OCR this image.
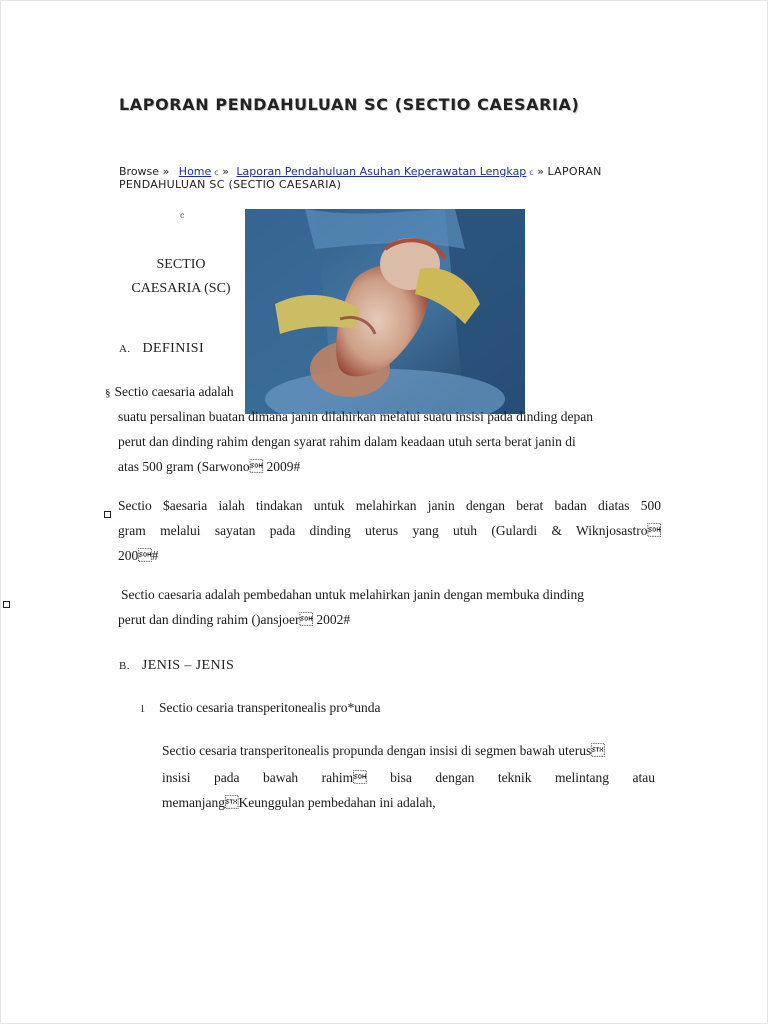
LAPORAN PENDAHULUAN SC (SECTIO CAESARIA)
Browse » Home c » Laporan Pendahuluan Asuhan Keperawatan Lengkap c » LAPORAN PENDAHULUAN SC (SECTIO CAESARIA)
c
SECTIO
CAESARIA (SC)
A. DEFINISI
§ Sectio caesaria adalah
suatu persalinan buatan dimana janin dilahirkan melalui suatu insisi pada dinding depan
perut dan dinding rahim dengan syarat rahim dalam keadaan utuh serta berat janin di
atas 500 gram (Sarwono 2009#
Sectio $aesaria ialah tindakan untuk melahirkan janin dengan berat badan diatas 500
gram melalui sayatan pada dinding uterus yang utuh (Gulardi & Wiknjosastro
200#
Sectio caesaria adalah pembedahan untuk melahirkan janin dengan membuka dinding
perut dan dinding rahim ()ansjoer 2002#
B. JENIS – JENIS
1 Sectio cesaria transperitonealis pro*unda
Sectio cesaria transperitonealis propunda dengan insisi di segmen bawah uterus
insisi pada bawah rahim bisa dengan teknik melintang atau
memanjangKeunggulan pembedahan ini adalah,
